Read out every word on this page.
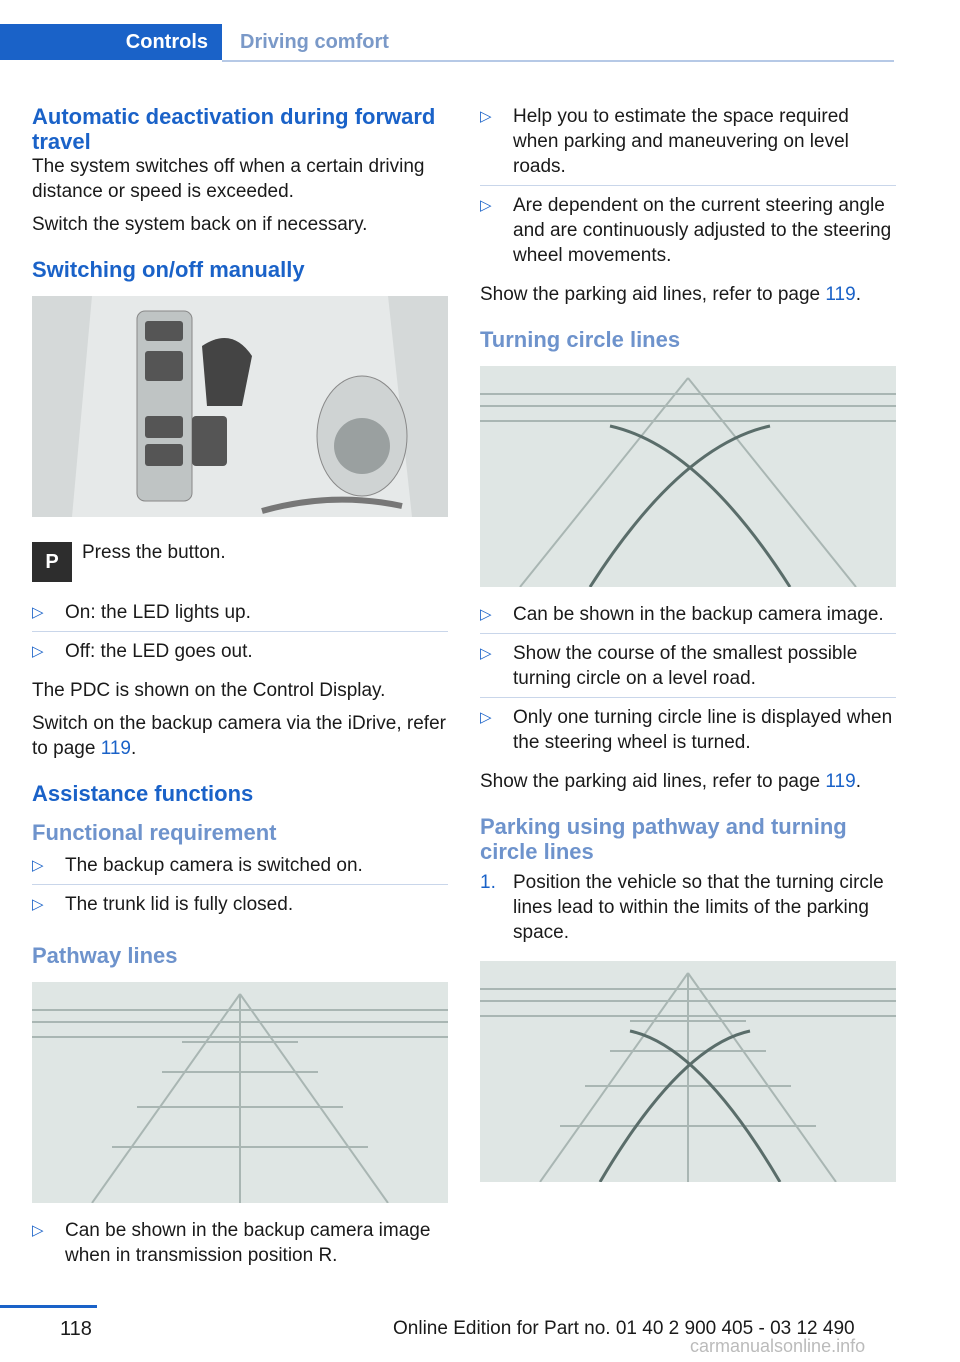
Controls	Driving comfort
Automatic deactivation during forward travel

The system switches off when a certain driving distance or speed is exceeded.

Switch the system back on if necessary.

Switching on/off manually
P	Press the button.
▷ On: the LED lights up.
▷ Off: the LED goes out.

The PDC is shown on the Control Display.

Switch on the backup camera via the iDrive, refer to page 119.

Assistance functions
Functional requirement
▷ The backup camera is switched on.
▷ The trunk lid is fully closed.
Pathway lines
▷ Can be shown in the backup camera image when in transmission position R.
▷ Help you to estimate the space required when parking and maneuvering on level roads.
▷ Are dependent on the current steering angle and are continuously adjusted to the steering wheel movements.

Show the parking aid lines, refer to page 119.

Turning circle lines
▷ Can be shown in the backup camera image.
▷ Show the course of the smallest possible turning circle on a level road.
▷ Only one turning circle line is displayed when the steering wheel is turned.

Show the parking aid lines, refer to page 119.

Parking using pathway and turning circle lines
1. Position the vehicle so that the turning circle lines lead to within the limits of the parking space.
118	Online Edition for Part no. 01 40 2 900 405 - 03 12 490
carmanualsonline.info
